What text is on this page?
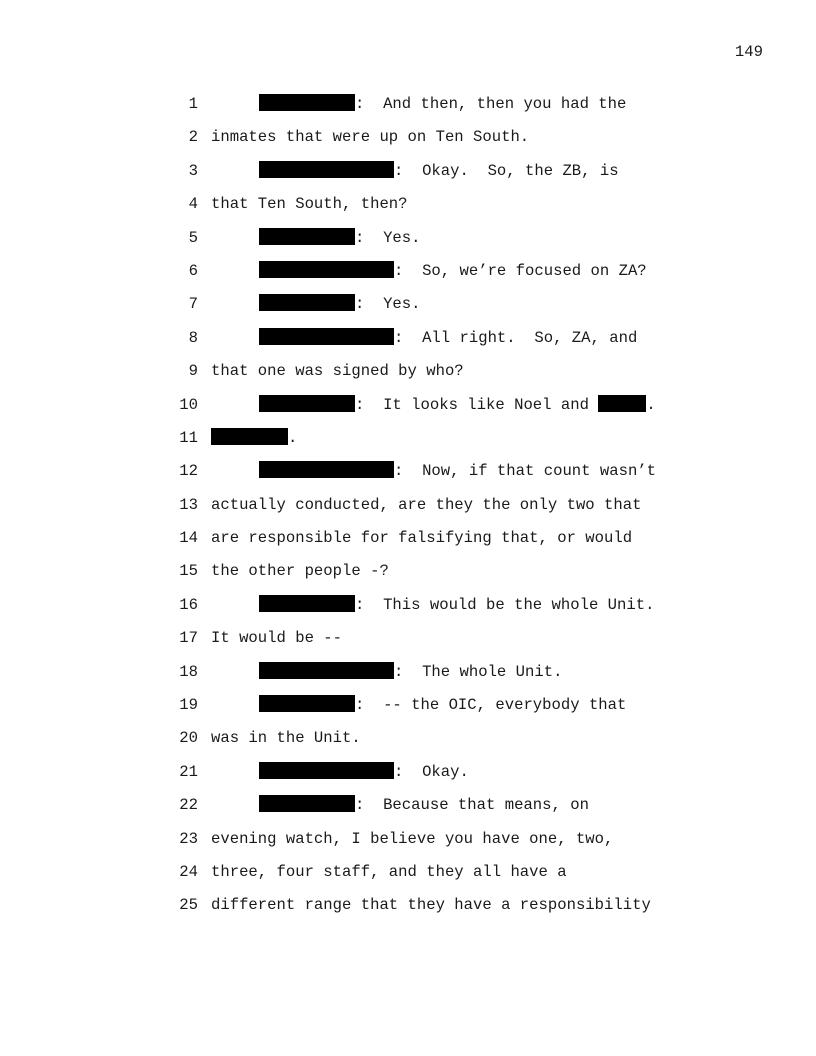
149

1

	:  And then, then you had the

2

inmates that were up on Ten South.

3

	:  Okay.  So, the ZB, is

4

that Ten South, then?

5

	:  Yes.

6

	:  So, we’re focused on ZA?

7

	:  Yes.

8

	:  All right.  So, ZA, and

9

that one was signed by who?

10

	:  It looks like Noel and	.

11

	.

12

	:  Now, if that count wasn’t

13

actually conducted, are they the only two that

14

are responsible for falsifying that, or would

15

the other people -?

16

	:  This would be the whole Unit.

17

It would be --

18

	:  The whole Unit.

19

	:  -- the OIC, everybody that

20

was in the Unit.

21

	:  Okay.

22

	:  Because that means, on

23

evening watch, I believe you have one, two,

24

three, four staff, and they all have a

25

different range that they have a responsibility
